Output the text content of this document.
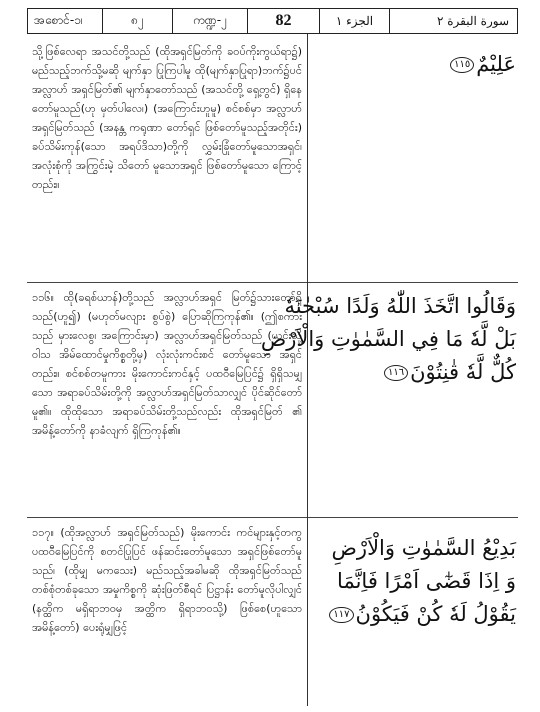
အစောင်-၁၊	၈၂	ကဏ္ဍ-၂	82	الجزء ١	سورة البقرة ٢

သို့ဖြစ်လေရာ အသင်တို့သည် (ထိုအရှင်မြတ်ကို ခဝပ်ကိုးကွယ်ရာ၌) မည်သည့်ဘက်သို့မဆို မျက်နှာ ပြုကြပါမူ ထို(မျက်နှာပြုရာ)ဘက်၌ပင် အလ္လာဟ် အရှင်မြတ်၏ မျက်နှာတော်သည် (အသင်တို့ ရှေ့တွင်) ရှိနေတော်မူသည်(ဟု မှတ်ပါလေ၊) (အကြောင်းဟူမူ) စင်စစ်မှာ အလ္လာဟ်အရှင်မြတ်သည် (အနန္တ ကရုဏာ တော်ရှင် ဖြစ်တော်မူသည့်အတိုင်း) ခပ်သိမ်းကုန်(သော အရပ်ဒိသာ)တို့ကို လွှမ်းခြုံတော်မူသောအရှင်၊ အလုံးစုံကို အကြွင်းမဲ့ သိတော် မူသောအရှင် ဖြစ်တော်မူသော ကြောင့်တည်း။

၁၁၆။ ထို(ခရစ်ယာန်)တို့သည် အလ္လာဟ်အရှင် မြတ်၌သားတော်ရှိသည်(ဟူ၍) (မဟုတ်မလျား စွပ်စွဲ) ပြောဆိုကြကုန်၏။ (ဤစကားသည် မှားလေစွ၊ အကြောင်းမှာ) အလ္လာဟ်အရှင်မြတ်သည် (ယင်းသို့ ဝါသ အိမ်ထောင်မှုကိစ္စတို့မှ) လုံးလုံးကင်းစင် တော်မူသော အရှင်တည်း။ စင်စစ်တမူကား မိုးကောင်းကင်နှင့် ပထဝီမြေပြင်၌ ရှိရှိသမျှသော အရာခပ်သိမ်းတို့ကို အလ္လာဟ်အရှင်မြတ်သာလျှင် ပိုင်ဆိုင်တော်မူ၏။ ထိုထိုသော အရာခပ်သိမ်းတို့သည်လည်း ထိုအရှင်မြတ် ၏ အမိန့်တော်ကို နာခံလျက် ရှိကြကုန်၏။

၁၁၇။ (ထိုအလ္လာဟ် အရှင်မြတ်သည်) မိုးကောင်း ကင်များနှင့်တကွ ပထဝီမြေပြင်ကို စတင်ပြုပြင် ဖန်ဆင်းတော်မူသော အရှင်ဖြစ်တော်မူသည်၊ (ထိုမျှ မကသေး) မည်သည့်အခါမဆို ထိုအရှင်မြတ်သည် တစ်စုံတစ်ခုသော အမှုကိစ္စကို ဆုံးဖြတ်စီရင် ပြဋ္ဌာန်း တော်မူလိုပါလျှင် (နတ္ထိက မရှိရာဘဝမှ အတ္ထိက ရှိရာဘဝသို့) ဖြစ်စေ(ဟူသောအမိန့်တော်) ပေးရုံမျှဖြင့်

عَلِيْمٌ١١٥

وَقَالُوا اتَّخَذَ اللّٰهُ وَلَدًا سُبْحٰنَهٗ

بَلْ لَّهٗ مَا فِي السَّمٰوٰتِ وَالْاَرْضِ

كُلٌّ لَّهٗ قٰنِتُوْنَ١١٦

بَدِيْعُ السَّمٰوٰتِ وَالْاَرْضِ

وَ اِذَا قَضٰٓى اَمْرًا فَاِنَّمَا

يَقُوْلُ لَهٗ كُنْ فَيَكُوْنُ١١٧
